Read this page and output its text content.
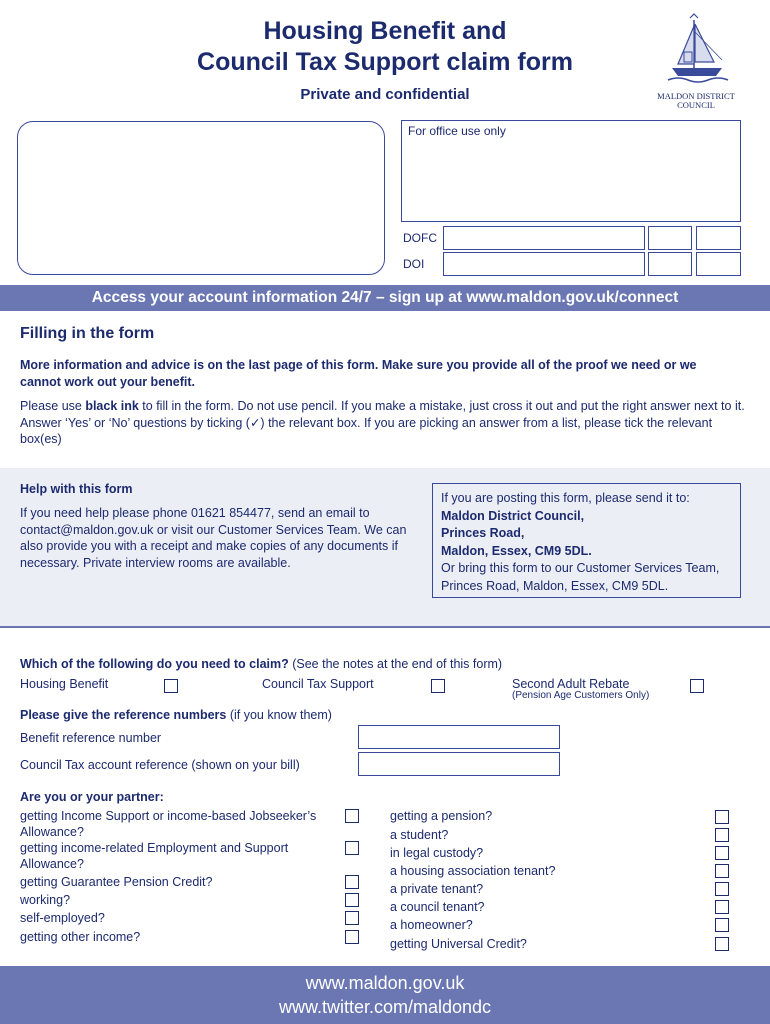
Housing Benefit and
Council Tax Support claim form
Private and confidential	MALDON DISTRICT
COUNCIL
For office use only
DOFC
DOI
Access your account information 24/7 – sign up at www.maldon.gov.uk/connect
Filling in the form
More information and advice is on the last page of this form. Make sure you provide all of the proof we need or we cannot work out your benefit.
Please use black ink to fill in the form. Do not use pencil. If you make a mistake, just cross it out and put the right answer next to it. Answer ‘Yes’ or ‘No’ questions by ticking (✓) the relevant box. If you are picking an answer from a list, please tick the relevant box(es)
Help with this form
If you need help please phone 01621 854477, send an email to contact@maldon.gov.uk or visit our Customer Services Team. We can also provide you with a receipt and make copies of any documents if necessary. Private interview rooms are available.
If you are posting this form, please send it to:
Maldon District Council,
Princes Road,
Maldon, Essex, CM9 5DL.
Or bring this form to our Customer Services Team, Princes Road, Maldon, Essex, CM9 5DL.
Which of the following do you need to claim? (See the notes at the end of this form)
Housing Benefit	Council Tax Support	Second Adult Rebate
(Pension Age Customers Only)
Please give the reference numbers (if you know them)
Benefit reference number
Council Tax account reference (shown on your bill)
Are you or your partner:
getting Income Support or income-based Jobseeker’s Allowance?
getting income-related Employment and Support Allowance?
getting Guarantee Pension Credit?
working?
self-employed?
getting other income?
getting a pension?
a student?
in legal custody?
a housing association tenant?
a private tenant?
a council tenant?
a homeowner?
getting Universal Credit?
www.maldon.gov.uk
www.twitter.com/maldondc
